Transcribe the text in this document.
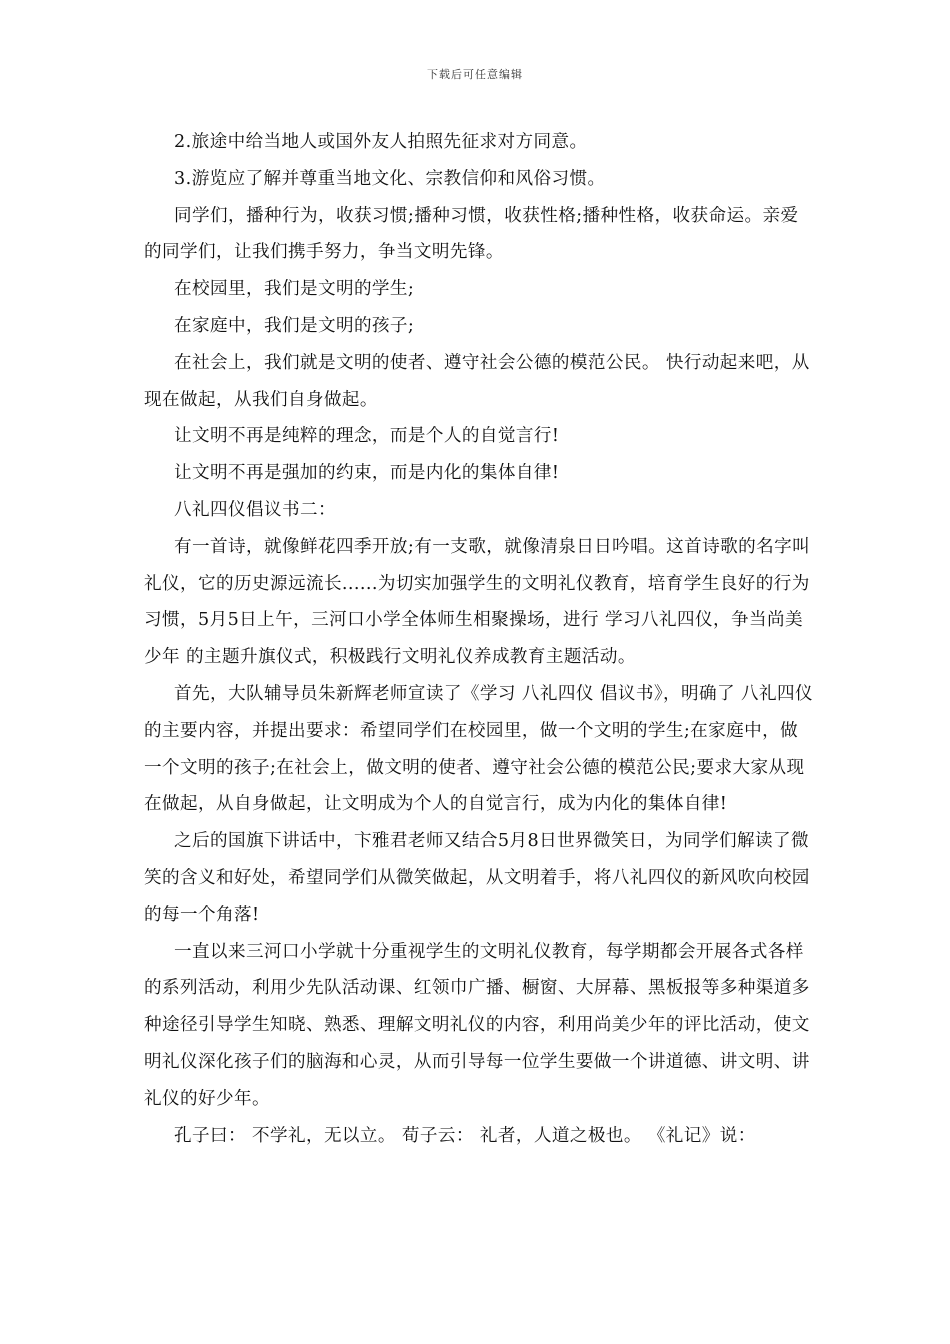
下载后可任意编辑

2.旅途中给当地人或国外友人拍照先征求对方同意。

3.游览应了解并尊重当地文化、宗教信仰和风俗习惯。

同学们，播种行为，收获习惯;播种习惯，收获性格;播种性格，收获命运。亲爱的同学们，让我们携手努力，争当文明先锋。

在校园里，我们是文明的学生;

在家庭中，我们是文明的孩子;

在社会上，我们就是文明的使者、遵守社会公德的模范公民。 快行动起来吧，从现在做起，从我们自身做起。

让文明不再是纯粹的理念，而是个人的自觉言行!

让文明不再是强加的约束，而是内化的集体自律!

八礼四仪倡议书二：

有一首诗，就像鲜花四季开放;有一支歌，就像清泉日日吟唱。这首诗歌的名字叫礼仪，它的历史源远流长......为切实加强学生的文明礼仪教育，培育学生良好的行为习惯，5月5日上午，三河口小学全体师生相聚操场，进行 学习八礼四仪，争当尚美少年 的主题升旗仪式，积极践行文明礼仪养成教育主题活动。

首先，大队辅导员朱新辉老师宣读了《学习 八礼四仪 倡议书》，明确了 八礼四仪 的主要内容，并提出要求：希望同学们在校园里，做一个文明的学生;在家庭中，做一个文明的孩子;在社会上，做文明的使者、遵守社会公德的模范公民;要求大家从现在做起，从自身做起，让文明成为个人的自觉言行，成为内化的集体自律!

之后的国旗下讲话中，卞雅君老师又结合5月8日世界微笑日，为同学们解读了微笑的含义和好处，希望同学们从微笑做起，从文明着手，将八礼四仪的新风吹向校园的每一个角落!

一直以来三河口小学就十分重视学生的文明礼仪教育，每学期都会开展各式各样的系列活动，利用少先队活动课、红领巾广播、橱窗、大屏幕、黑板报等多种渠道多种途径引导学生知晓、熟悉、理解文明礼仪的内容，利用尚美少年的评比活动，使文明礼仪深化孩子们的脑海和心灵，从而引导每一位学生要做一个讲道德、讲文明、讲礼仪的好少年。

孔子曰： 不学礼，无以立。 荀子云： 礼者，人道之极也。 《礼记》说：
